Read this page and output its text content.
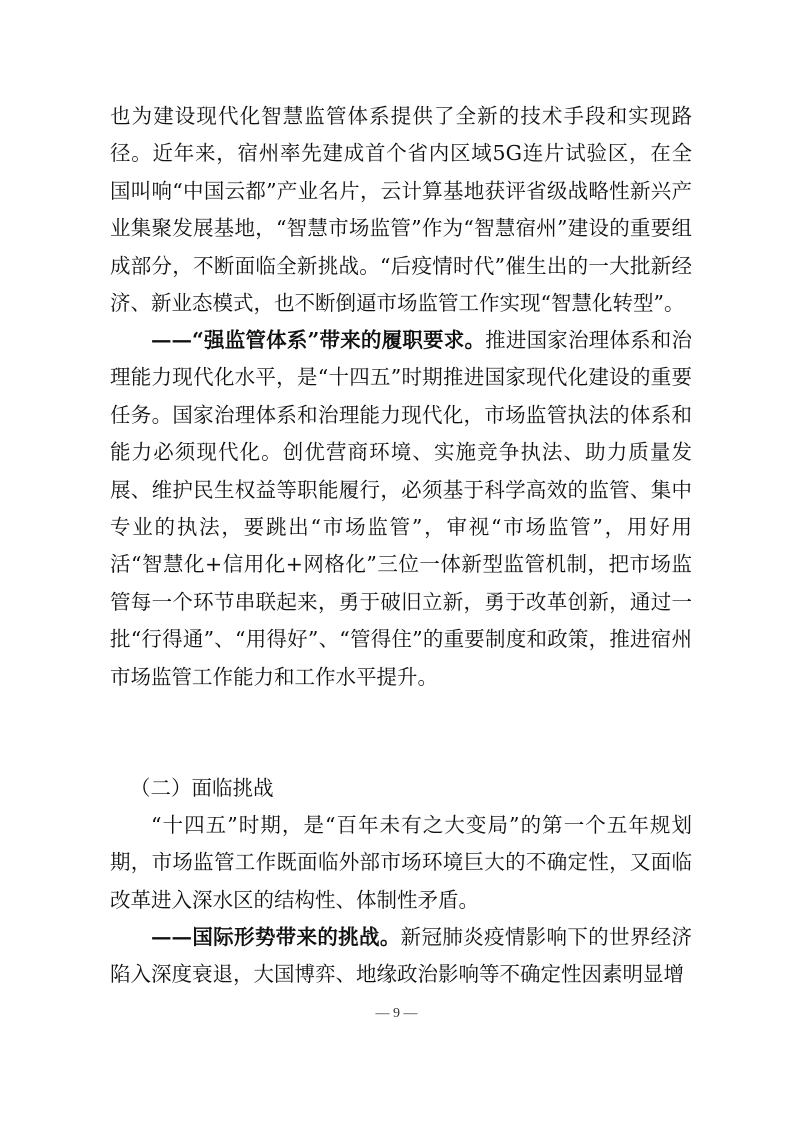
也为建设现代化智慧监管体系提供了全新的技术手段和实现路径。近年来，宿州率先建成首个省内区域5G连片试验区，在全国叫响“中国云都”产业名片，云计算基地获评省级战略性新兴产业集聚发展基地，“智慧市场监管”作为“智慧宿州”建设的重要组成部分，不断面临全新挑战。“后疫情时代”催生出的一大批新经济、新业态模式，也不断倒逼市场监管工作实现“智慧化转型”。

——“强监管体系”带来的履职要求。推进国家治理体系和治理能力现代化水平，是“十四五”时期推进国家现代化建设的重要任务。国家治理体系和治理能力现代化，市场监管执法的体系和能力必须现代化。创优营商环境、实施竞争执法、助力质量发展、维护民生权益等职能履行，必须基于科学高效的监管、集中专业的执法，要跳出“市场监管”，审视“市场监管”，用好用活“智慧化+信用化+网格化”三位一体新型监管机制，把市场监管每一个环节串联起来，勇于破旧立新，勇于改革创新，通过一批“行得通”、“用得好”、“管得住”的重要制度和政策，推进宿州市场监管工作能力和工作水平提升。

（二）面临挑战

“十四五”时期，是“百年未有之大变局”的第一个五年规划期，市场监管工作既面临外部市场环境巨大的不确定性，又面临改革进入深水区的结构性、体制性矛盾。

——国际形势带来的挑战。新冠肺炎疫情影响下的世界经济陷入深度衰退，大国博弈、地缘政治影响等不确定性因素明显增

— 9 —
